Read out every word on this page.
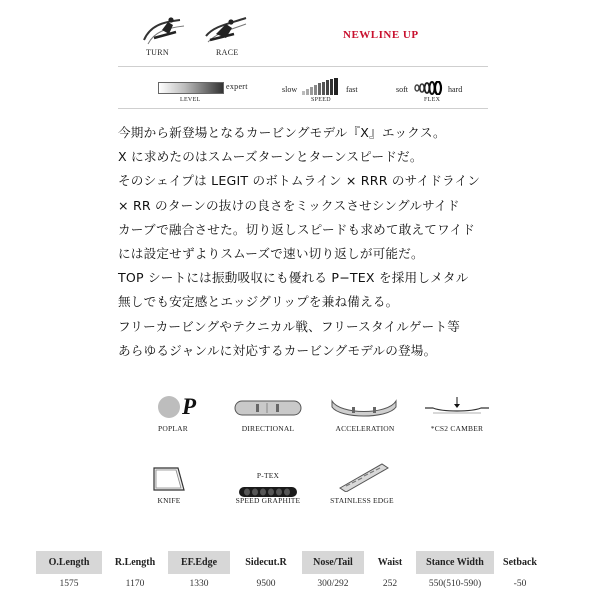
TURN	RACE
NEWLINE UP
expert
LEVEL
slow	fast
SPEED
soft	hard
FLEX
今期から新登場となるカービングモデル『X』エックス。
X に求めたのはスムーズターンとターンスピードだ。
そのシェイプは LEGIT のボトムライン × RRR のサイドライン
× RR のターンの抜けの良さをミックスさせシングルサイド
カーブで融合させた。切り返しスピードも求めて敢えてワイド
には設定せずよりスムーズで速い切り返しが可能だ。
TOP シートには振動吸収にも優れる P−TEX を採用しメタル
無しでも安定感とエッジグリップを兼ね備える。
フリーカービングやテクニカル戦、フリースタイルゲート等
あらゆるジャンルに対応するカービングモデルの登場。
P
POPLAR	DIRECTIONAL	ACCELERATION	*CS2 CAMBER
KNIFE
P-TEX
SPEED GRAPHITE	STAINLESS EDGE
O.Length	R.Length	EF.Edge	Sidecut.R	Nose/Tail	Waist	Stance Width	Setback
1575	1170	1330	9500	300/292	252	550(510-590)	-50
